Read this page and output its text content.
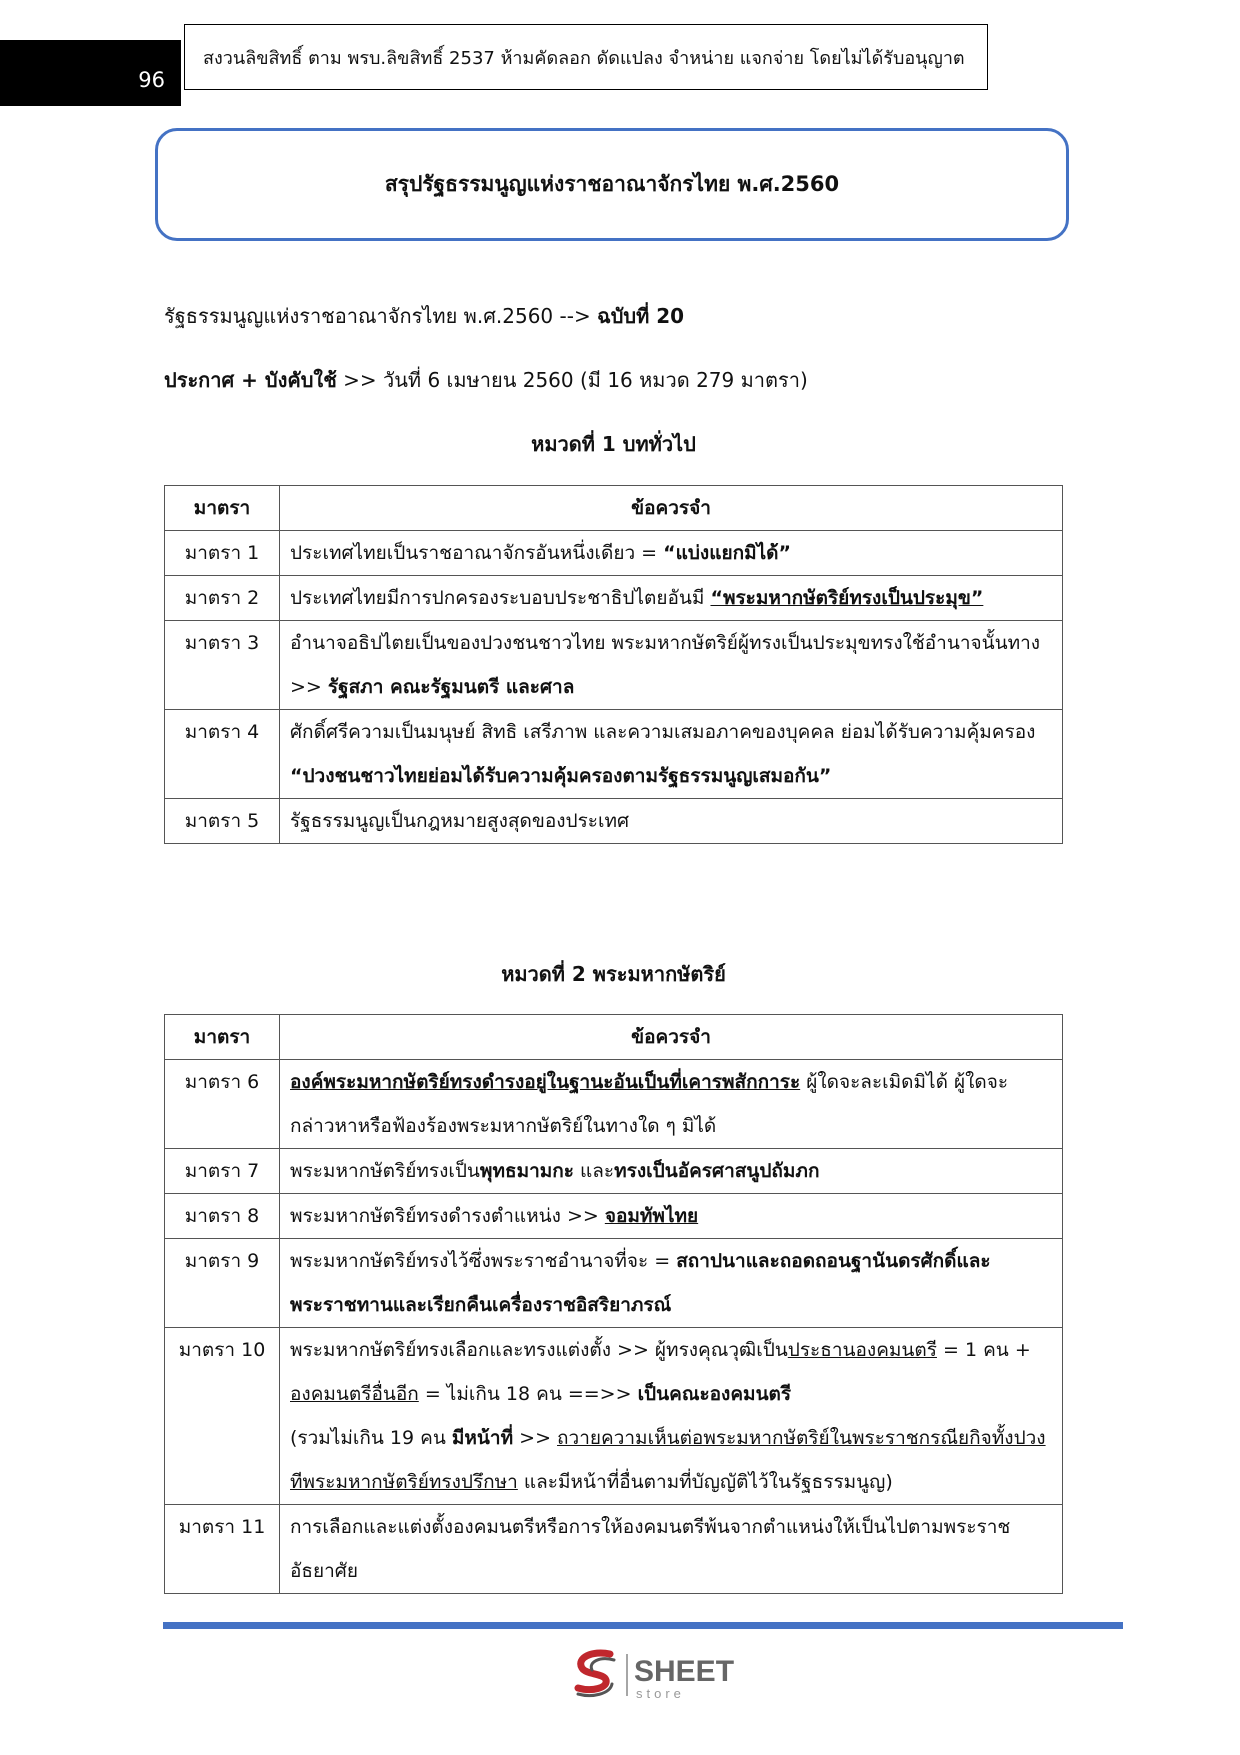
96
สงวนลิขสิทธิ์ ตาม พรบ.ลิขสิทธิ์ 2537 ห้ามคัดลอก ดัดแปลง จำหน่าย แจกจ่าย โดยไม่ได้รับอนุญาต
สรุปรัฐธรรมนูญแห่งราชอาณาจักรไทย พ.ศ.2560
รัฐธรรมนูญแห่งราชอาณาจักรไทย พ.ศ.2560 --> ฉบับที่ 20
ประกาศ + บังคับใช้ >> วันที่ 6 เมษายน 2560 (มี 16 หมวด 279 มาตรา)
หมวดที่ 1 บททั่วไป
มาตรา	ข้อควรจำ
มาตรา 1	ประเทศไทยเป็นราชอาณาจักรอันหนึ่งเดียว = “แบ่งแยกมิได้”
มาตรา 2	ประเทศไทยมีการปกครองระบอบประชาธิปไตยอันมี “พระมหากษัตริย์ทรงเป็นประมุข”
มาตรา 3	อำนาจอธิปไตยเป็นของปวงชนชาวไทย พระมหากษัตริย์ผู้ทรงเป็นประมุขทรงใช้อำนาจนั้นทาง >> รัฐสภา คณะรัฐมนตรี และศาล
มาตรา 4	ศักดิ์ศรีความเป็นมนุษย์ สิทธิ เสรีภาพ และความเสมอภาคของบุคคล ย่อมได้รับความคุ้มครอง “ปวงชนชาวไทยย่อมได้รับความคุ้มครองตามรัฐธรรมนูญเสมอกัน”
มาตรา 5	รัฐธรรมนูญเป็นกฎหมายสูงสุดของประเทศ
หมวดที่ 2 พระมหากษัตริย์
มาตรา	ข้อควรจำ
มาตรา 6	องค์พระมหากษัตริย์ทรงดำรงอยู่ในฐานะอันเป็นที่เคารพสักการะ ผู้ใดจะละเมิดมิได้ ผู้ใดจะกล่าวหาหรือฟ้องร้องพระมหากษัตริย์ในทางใด ๆ มิได้
มาตรา 7	พระมหากษัตริย์ทรงเป็นพุทธมามกะ และทรงเป็นอัครศาสนูปถัมภก
มาตรา 8	พระมหากษัตริย์ทรงดำรงตำแหน่ง >> จอมทัพไทย
มาตรา 9	พระมหากษัตริย์ทรงไว้ซึ่งพระราชอำนาจที่จะ = สถาปนาและถอดถอนฐานันดรศักดิ์และพระราชทานและเรียกคืนเครื่องราชอิสริยาภรณ์
มาตรา 10	พระมหากษัตริย์ทรงเลือกและทรงแต่งตั้ง >> ผู้ทรงคุณวุฒิเป็นประธานองคมนตรี = 1 คน + องคมนตรีอื่นอีก = ไม่เกิน 18 คน ==>> เป็นคณะองคมนตรี
(รวมไม่เกิน 19 คน มีหน้าที่ >> ถวายความเห็นต่อพระมหากษัตริย์ในพระราชกรณียกิจทั้งปวงทีพระมหากษัตริย์ทรงปรึกษา และมีหน้าที่อื่นตามที่บัญญัติไว้ในรัฐธรรมนูญ)
มาตรา 11	การเลือกและแต่งตั้งองคมนตรีหรือการให้องคมนตรีพ้นจากตำแหน่งให้เป็นไปตามพระราชอัธยาศัย
SHEET
store
